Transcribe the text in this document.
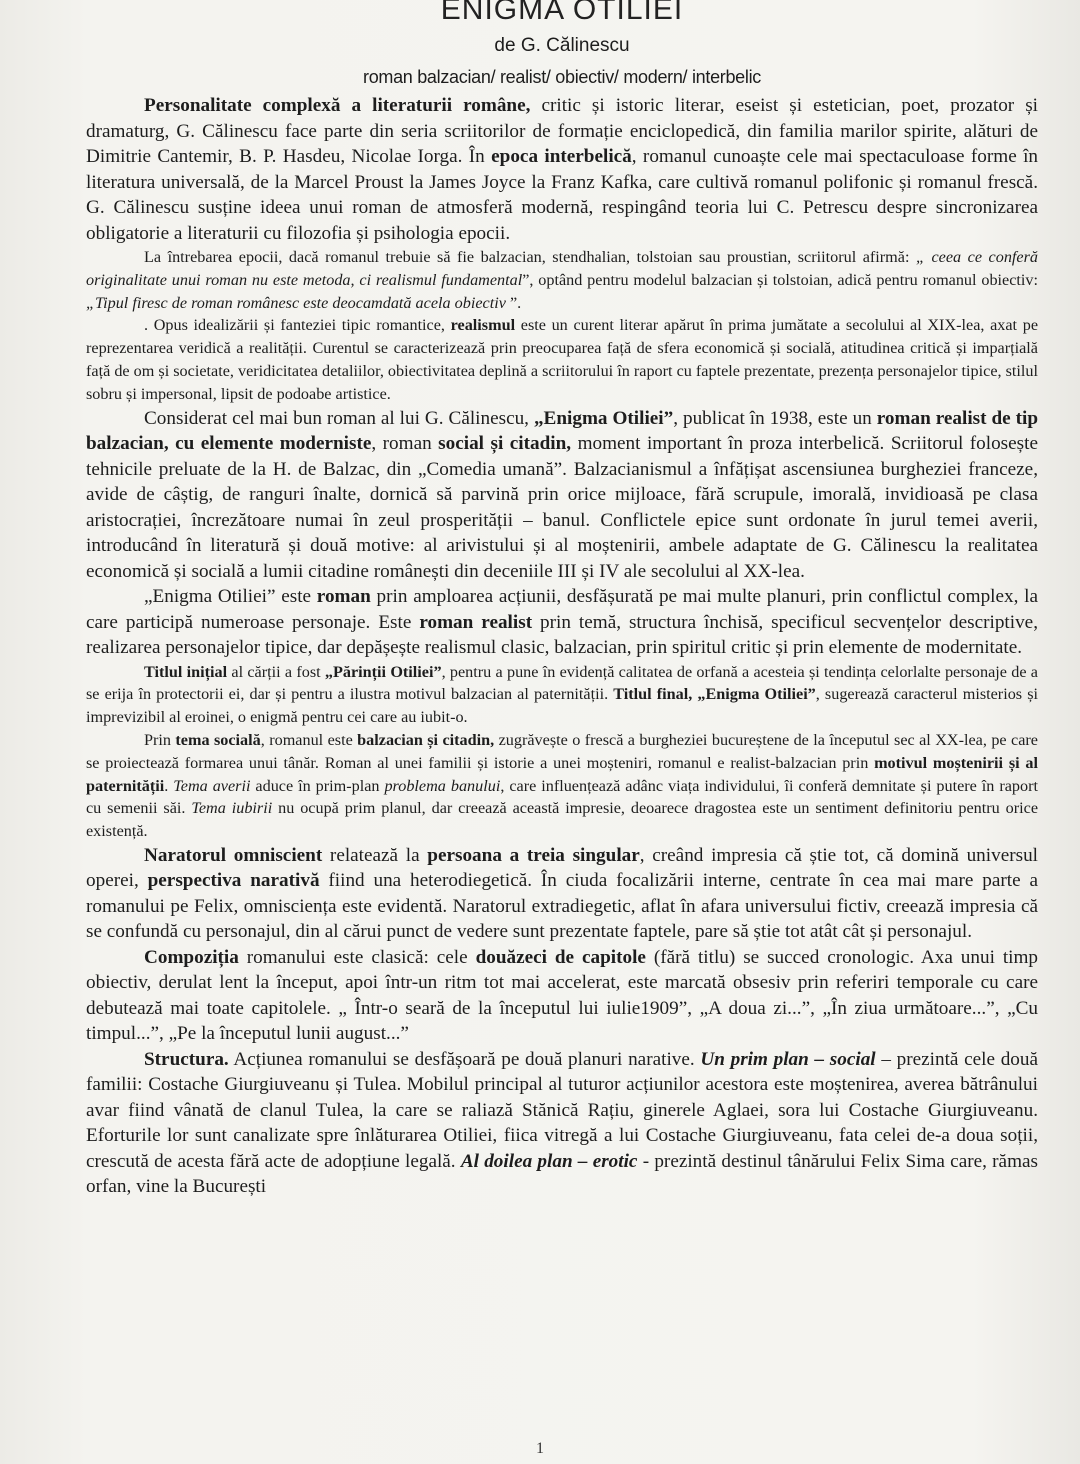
ENIGMA OTILIEI
de G. Călinescu
roman balzacian/ realist/ obiectiv/ modern/ interbelic

Personalitate complexă a literaturii române, critic și istoric literar, eseist și estetician, poet, prozator și dramaturg, G. Călinescu face parte din seria scriitorilor de formație enciclopedică, din familia marilor spirite, alături de Dimitrie Cantemir, B. P. Hasdeu, Nicolae Iorga. În epoca interbelică, romanul cunoaște cele mai spectaculoase forme în literatura universală, de la Marcel Proust la James Joyce la Franz Kafka, care cultivă romanul polifonic și romanul frescă. G. Călinescu susține ideea unui roman de atmosferă modernă, respingând teoria lui C. Petrescu despre sincronizarea obligatorie a literaturii cu filozofia și psihologia epocii.

La întrebarea epocii, dacă romanul trebuie să fie balzacian, stendhalian, tolstoian sau proustian, scriitorul afirmă: „ ceea ce conferă originalitate unui roman nu este metoda, ci realismul fundamental”, optând pentru modelul balzacian și tolstoian, adică pentru romanul obiectiv: „Tipul firesc de roman românesc este deocamdată acela obiectiv ”.

. Opus idealizării și fanteziei tipic romantice, realismul este un curent literar apărut în prima jumătate a secolului al XIX-lea, axat pe reprezentarea veridică a realității. Curentul se caracterizează prin preocuparea față de sfera economică și socială, atitudinea critică și imparțială față de om și societate, veridicitatea detaliilor, obiectivitatea deplină a scriitorului în raport cu faptele prezentate, prezența personajelor tipice, stilul sobru și impersonal, lipsit de podoabe artistice.

Considerat cel mai bun roman al lui G. Călinescu, „Enigma Otiliei”, publicat în 1938, este un roman realist de tip balzacian, cu elemente moderniste, roman social și citadin, moment important în proza interbelică. Scriitorul folosește tehnicile preluate de la H. de Balzac, din „Comedia umană”. Balzacianismul a înfățișat ascensiunea burgheziei franceze, avide de câștig, de ranguri înalte, dornică să parvină prin orice mijloace, fără scrupule, imorală, invidioasă pe clasa aristocrației, încrezătoare numai în zeul prosperității – banul. Conflictele epice sunt ordonate în jurul temei averii, introducând în literatură și două motive: al arivistului și al moștenirii, ambele adaptate de G. Călinescu la realitatea economică și socială a lumii citadine românești din deceniile III și IV ale secolului al XX-lea.

„Enigma Otiliei” este roman prin amploarea acțiunii, desfășurată pe mai multe planuri, prin conflictul complex, la care participă numeroase personaje. Este roman realist prin temă, structura închisă, specificul secvențelor descriptive, realizarea personajelor tipice, dar depășește realismul clasic, balzacian, prin spiritul critic și prin elemente de modernitate.

Titlul inițial al cărții a fost „Părinții Otiliei”, pentru a pune în evidență calitatea de orfană a acesteia și tendința celorlalte personaje de a se erija în protectorii ei, dar și pentru a ilustra motivul balzacian al paternității. Titlul final, „Enigma Otiliei”, sugerează caracterul misterios și imprevizibil al eroinei, o enigmă pentru cei care au iubit-o.

Prin tema socială, romanul este balzacian și citadin, zugrăvește o frescă a burgheziei bucureștene de la începutul sec al XX-lea, pe care se proiectează formarea unui tânăr. Roman al unei familii și istorie a unei moșteniri, romanul e realist-balzacian prin motivul moștenirii și al paternității. Tema averii aduce în prim-plan problema banului, care influențează adânc viața individului, îi conferă demnitate și putere în raport cu semenii săi. Tema iubirii nu ocupă prim planul, dar creează această impresie, deoarece dragostea este un sentiment definitoriu pentru orice existență.

Naratorul omniscient relatează la persoana a treia singular, creând impresia că știe tot, că domină universul operei, perspectiva narativă fiind una heterodiegetică. În ciuda focalizării interne, centrate în cea mai mare parte a romanului pe Felix, omnisciența este evidentă. Naratorul extradiegetic, aflat în afara universului fictiv, creează impresia că se confundă cu personajul, din al cărui punct de vedere sunt prezentate faptele, pare să știe tot atât cât și personajul.

Compoziția romanului este clasică: cele douăzeci de capitole (fără titlu) se succed cronologic. Axa unui timp obiectiv, derulat lent la început, apoi într-un ritm tot mai accelerat, este marcată obsesiv prin referiri temporale cu care debutează mai toate capitolele. „ Într-o seară de la începutul lui iulie1909”, „A doua zi...”, „În ziua următoare...”, „Cu timpul...”, „Pe la începutul lunii august...”

Structura. Acțiunea romanului se desfășoară pe două planuri narative. Un prim plan – social – prezintă cele două familii: Costache Giurgiuveanu și Tulea. Mobilul principal al tuturor acțiunilor acestora este moștenirea, averea bătrânului avar fiind vânată de clanul Tulea, la care se raliază Stănică Rațiu, ginerele Aglaei, sora lui Costache Giurgiuveanu. Eforturile lor sunt canalizate spre înlăturarea Otiliei, fiica vitregă a lui Costache Giurgiuveanu, fata celei de-a doua soții, crescută de acesta fără acte de adopțiune legală. Al doilea plan – erotic - prezintă destinul tânărului Felix Sima care, rămas orfan, vine la București

1
